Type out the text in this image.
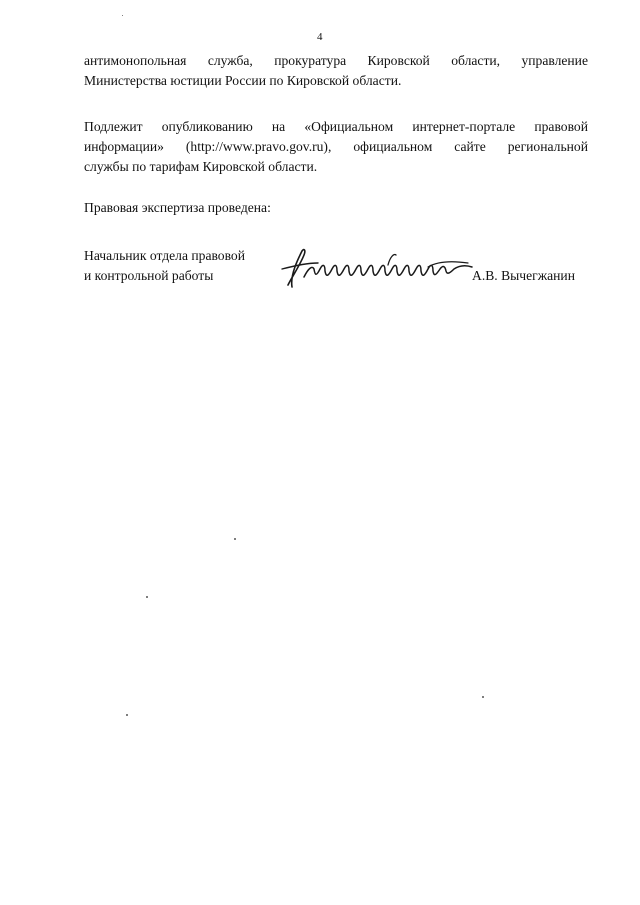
4
антимонопольная служба, прокуратура Кировской области, управление
Министерства юстиции России по Кировской области.
Подлежит опубликованию на «Официальном интернет-портале правовой
информации» (http://www.pravo.gov.ru), официальном сайте региональной
службы по тарифам Кировской области.
Правовая экспертиза проведена:
Начальник отдела правовой
и контрольной работы	А.В. Вычегжанин
